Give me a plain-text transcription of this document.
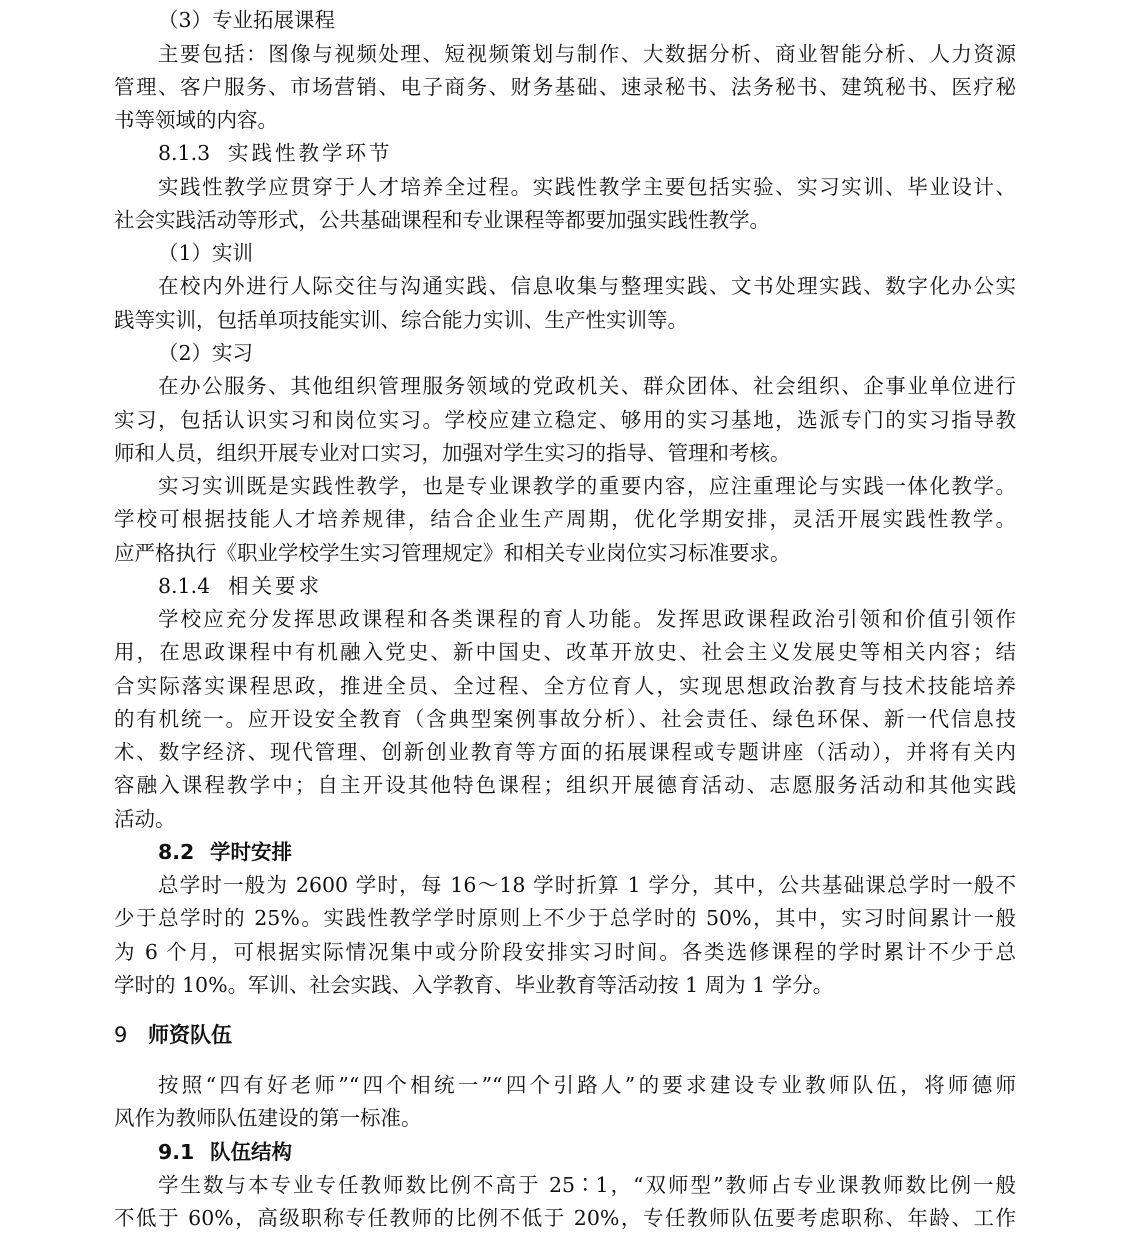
（3）专业拓展课程
主要包括：图像与视频处理、短视频策划与制作、大数据分析、商业智能分析、人力资源
管理、客户服务、市场营销、电子商务、财务基础、速录秘书、法务秘书、建筑秘书、医疗秘
书等领域的内容。
8.1.3 实践性教学环节
实践性教学应贯穿于人才培养全过程。实践性教学主要包括实验、实习实训、毕业设计、
社会实践活动等形式，公共基础课程和专业课程等都要加强实践性教学。
（1）实训
在校内外进行人际交往与沟通实践、信息收集与整理实践、文书处理实践、数字化办公实
践等实训，包括单项技能实训、综合能力实训、生产性实训等。
（2）实习
在办公服务、其他组织管理服务领域的党政机关、群众团体、社会组织、企事业单位进行
实习，包括认识实习和岗位实习。学校应建立稳定、够用的实习基地，选派专门的实习指导教
师和人员，组织开展专业对口实习，加强对学生实习的指导、管理和考核。
实习实训既是实践性教学，也是专业课教学的重要内容，应注重理论与实践一体化教学。
学校可根据技能人才培养规律，结合企业生产周期，优化学期安排，灵活开展实践性教学。
应严格执行《职业学校学生实习管理规定》和相关专业岗位实习标准要求。
8.1.4 相关要求
学校应充分发挥思政课程和各类课程的育人功能。发挥思政课程政治引领和价值引领作
用，在思政课程中有机融入党史、新中国史、改革开放史、社会主义发展史等相关内容；结
合实际落实课程思政，推进全员、全过程、全方位育人，实现思想政治教育与技术技能培养
的有机统一。应开设安全教育（含典型案例事故分析）、社会责任、绿色环保、新一代信息技
术、数字经济、现代管理、创新创业教育等方面的拓展课程或专题讲座（活动），并将有关内
容融入课程教学中；自主开设其他特色课程；组织开展德育活动、志愿服务活动和其他实践
活动。
8.2 学时安排
总学时一般为 2600 学时，每 16～18 学时折算 1 学分，其中，公共基础课总学时一般不
少于总学时的 25%。实践性教学学时原则上不少于总学时的 50%，其中，实习时间累计一般
为 6 个月，可根据实际情况集中或分阶段安排实习时间。各类选修课程的学时累计不少于总
学时的 10%。军训、社会实践、入学教育、毕业教育等活动按 1 周为 1 学分。
9 师资队伍
按照“四有好老师”“四个相统一”“四个引路人”的要求建设专业教师队伍，将师德师
风作为教师队伍建设的第一标准。
9.1 队伍结构
学生数与本专业专任教师数比例不高于 25∶1，“双师型”教师占专业课教师数比例一般
不低于 60%，高级职称专任教师的比例不低于 20%，专任教师队伍要考虑职称、年龄、工作
